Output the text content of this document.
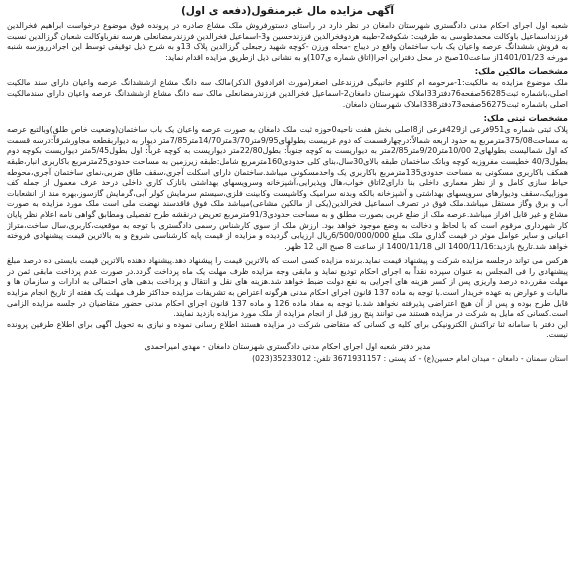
آگهی مزایده مال غیرمنقول(دفعه ی اول)

شعبه اول اجرای احکام مدنی دادگستری شهرستان دامغان در نظر دارد در راستای دستورفروش ملک مشاع صادره در پرونده فوق موضوع درخواست ابراهیم فخرالدین فرزنداسماعیل باوکالت محمدطوسی به طرفیت: شکوفه2-طیبه هردوفخرالدین فرزندحسین و3-اسماعیل فخرالدین فرزندرمضانعلی هرسه نفرباوکالت شعبان گرزالدین نسبت به فروش ششدانگ عرصه واعیان یک باب ساختمان واقع در دیباج -محله ورزن -کوچه شهید رجبعلی گرزالدین پلاک 13و به شرح ذیل توقیفی توسط این اجرادرروزسه شنبه مورخه 1401/01/23از ساعت10صبح در محل دفتراین اجرا(اتاق شماره ی107)و به نشانی ذیل ازطریق مزایده اقدام نماید:

مشخصات مالکین ملک:

ملک موضوع مزایده به مالکیت:1-مرحومه ام کلثوم خانبیگی فرزندعلی اصغر(مورث افرادفوق الذکر)مالک سه دانگ مشاع ازششدانگ عرصه واعیان دارای سند مالکیت اصلی،باشماره ثبت56285صفحه76دفتر33املاک شهرستان دامغان2-اسماعیل فخرالدین فرزندرمضانعلی مالک سه دانگ مشاع ازششدانگ عرصه واعیان دارای سندمالکیت اصلی باشماره ثبت56275صفحه73دفتر338املاک شهرستان دامغان.

مشخصات ثبتی ملک:

پلاک ثبتی شماره ی951فرعی از429فرعی از8اصلی بخش هفت ناحیه0حوزه ثبت ملک دامغان به صورت عرصه واعیان یک باب ساختمان(وضعیت خاص طلق)وبالتبع عرصه به مساحت375/08مترمربع به حدود اربعه شمالاً:درچهارقسمت که دوم غربیست بطولهای9/95متر3/70متر14/70متر7/85متر دیوار به دیواربقطعه مجاورشرقاً:درسه قسمت که اول شمالیست بطولهای2 10/00متر9/20متر2/85متر به دیواریست به کوچه جنوباً: بطول22/80متر دیواریست به کوچه غرباً: اول بطول5/45متر دیواریست بکوچه دوم بطول40/3 خطیست مفروزبه کوچه وباتک ساختمان طبقه بالای30سال،بنای کلی حدودی160مترمربع شامل:طبقه زیرزمین به مساحت حدودی25مترمربع باکاربری انبار،طبقه همکف باکاربری مسکونی به مساحت حدودی135مترمربع باکاربری یک واحدمسکونی میباشد.ساختمان دارای اسکلت آجری،سقف طاق ضربی،نمای ساختمان آجری،محوطه حیاط سازی کامل و از نظر معماری داخلی بنا دارای2اتاق خواب،هال وپذیرایی،آشپزخانه وسرویسهای بهداشتی بانازک کاری داخلی درحد عرف معمول از جمله کف موزاییک،سقف ودیوارهای سرویسهای بهداشتی و آشپزخانه بالکه وبدنه سرامیک وکاشیست وکابینت فلزی،سیستم سرمایش کولر آبی،گرمایش گازسوز،بهره مند از انشعابات آب و برق وگاز مستقل میباشد.ملک فوق در تصرف اسماعیل فخرالدین(یکی از مالکین مشاعی)میباشد ملک فوق فاقدسند نهضت ملی است ملک مورد مزایده به صورت مشاع و غیر قابل افراز میباشد.عرصه ملک از ضلع غربی بصورت مطلق و به مساحت حدودی91/3مترمربع تعریض درنقشه طرح تفصیلی ومطابق گواهی نامه اعلام نظر پایان کار شهرداری مرقوم است که با لحاظ و دخالت به وضع موجود خواهد بود. ارزش ملک از سوی کارشناس رسمی دادگستری با توجه به موقعیت،کاربری،سال ساخت،متراژ اعیانی و سایر عوامل موثر در قیمت گذاری ملک مبلغ 6/500/000/000ریال ارزیابی گردیده و مزایده از قیمت پایه کارشناسی شروع و به بالاترین قیمت پیشنهادی فروخته خواهد شد.تاریخ بازدید:1400/11/16 الی 1400/11/18 از ساعت 8 صبح الی 12 ظهر.

هرکس می تواند درجلسه مزایده شرکت و پیشنهاد قیمت نماید.برنده مزایده کسی است که بالاترین قیمت را پیشنهاد دهد.پیشنهاد دهنده بالاترین قیمت بایستی ده درصد مبلغ پیشنهادی را فی المجلس به عنوان سپرده نقداً به اجرای احکام تودیع نماید و مابقی وجه مزایده ظرف مهلت یک ماه پرداخت گردد.در صورت عدم پرداخت مابقی ثمن در مهلت مقرر،ده درصد واریزی پس از کسر هزینه های اجرایی به نفع دولت ضبط خواهد شد.هزینه های نقل و انتقال و پرداخت بدهی های احتمالی به ادارات و سازمان ها و مالیات و عوارض به عهده خریدار است.با توجه به ماده 137 قانون اجرای احکام مدنی هرگونه اعتراض به تشریفات مزایده حداکثر ظرف مهلت یک هفته از تاریخ انجام مزایده قابل طرح بوده و پس از آن هیچ اعتراضی پذیرفته نخواهد شد.با توجه به مفاد ماده 126 و ماده 137 قانون اجرای احکام مدنی حضور متقاضیان در جلسه مزایده الزامی است.کسانی که مایل به شرکت در مزایده هستند می توانند پنج روز قبل از انجام مزایده از ملک مورد مزایده بازدید نمایند.

این دفتر با سامانه ثنا تراکنش الکترونیکی برای کلیه ی کسانی که متقاضی شرکت در مزایده هستند اطلاع رسانی نموده و نیازی به تحویل آگهی برای اطلاع طرفین پرونده نیست.

مدیر دفتر شعبه اول اجرای احکام مدنی دادگستری شهرستان دامغان - مهدی امیراحمدی
استان سمنان - دامغان - میدان امام حسین(ع) - کد پستی : 3671931157 تلفن: 35233012(023)
